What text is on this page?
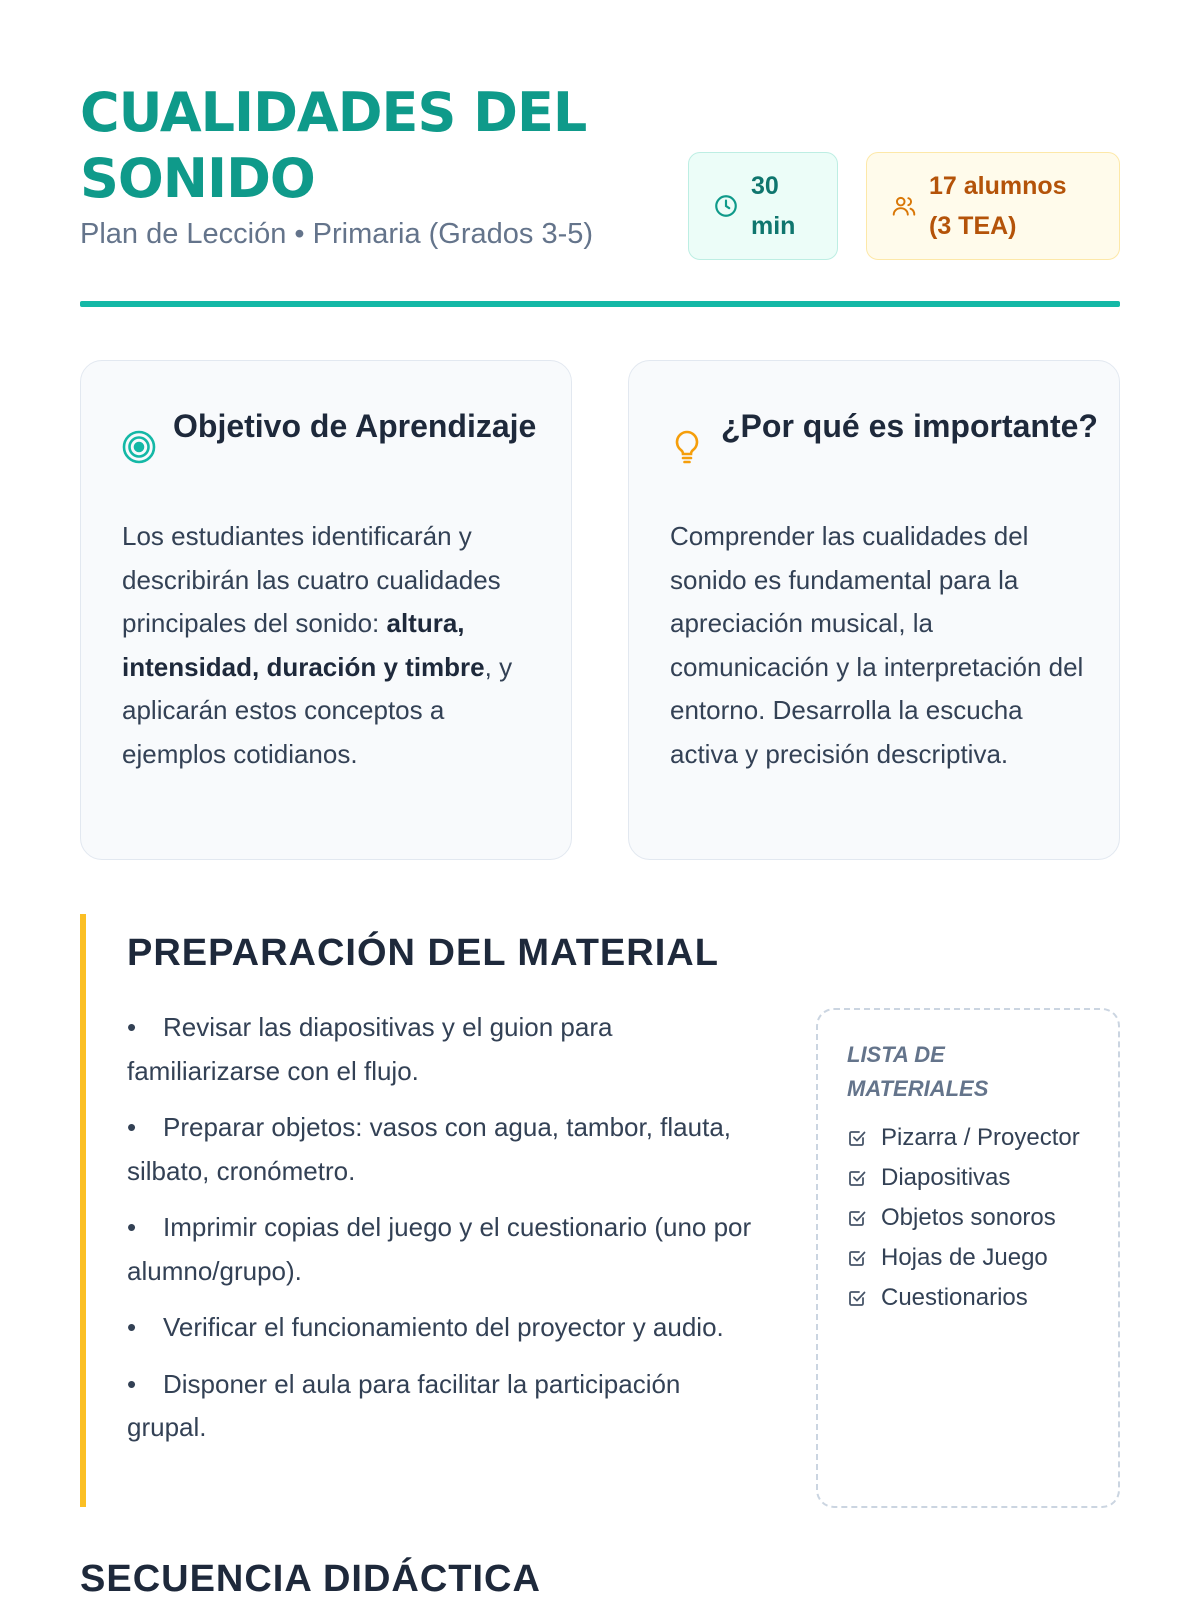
CUALIDADES DEL SONIDO
Plan de Lección • Primaria (Grados 3-5)
30 min
17 alumnos (3 TEA)
Objetivo de Aprendizaje

Los estudiantes identificarán y describirán las cuatro cualidades principales del sonido: altura, intensidad, duración y timbre, y aplicarán estos conceptos a ejemplos cotidianos.

¿Por qué es importante?

Comprender las cualidades del sonido es fundamental para la apreciación musical, la comunicación y la interpretación del entorno. Desarrolla la escucha activa y precisión descriptiva.

PREPARACIÓN DEL MATERIAL
• Revisar las diapositivas y el guion para familiarizarse con el flujo.
• Preparar objetos: vasos con agua, tambor, flauta, silbato, cronómetro.
• Imprimir copias del juego y el cuestionario (uno por alumno/grupo).
• Verificar el funcionamiento del proyector y audio.
• Disponer el aula para facilitar la participación grupal.
LISTA DE MATERIALES
Pizarra / Proyector
Diapositivas
Objetos sonoros
Hojas de Juego
Cuestionarios
SECUENCIA DIDÁCTICA
